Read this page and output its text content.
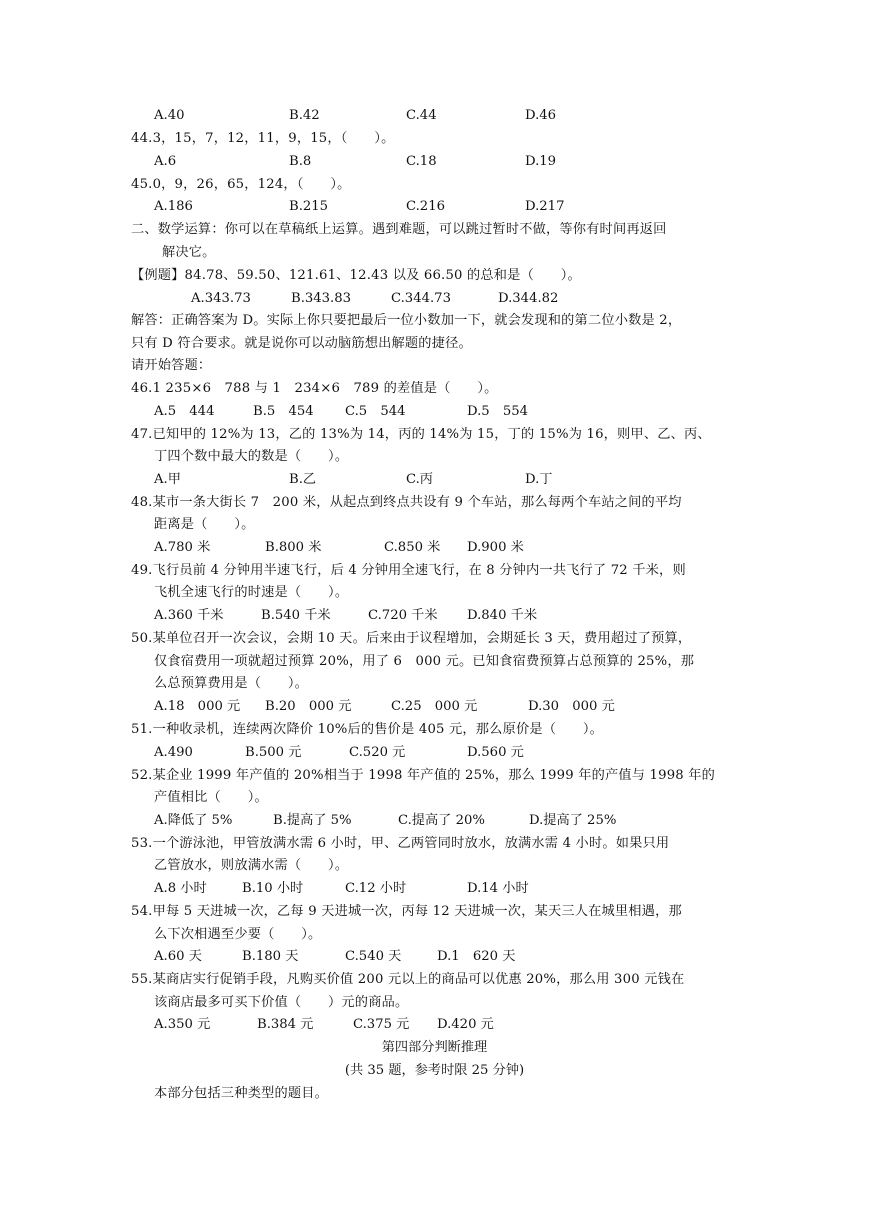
A.40	B.42	C.44	D.46
44.3，15，7，12，11，9，15，（　　）。
A.6	B.8	C.18	D.19
45.0，9，26，65，124，（　　）。
A.186	B.215	C.216	D.217
二、数学运算：你可以在草稿纸上运算。遇到难题，可以跳过暂时不做，等你有时间再返回
解决它。
【例题】84.78、59.50、121.61、12.43 以及 66.50 的总和是（　　）。
A.343.73	B.343.83	C.344.73	D.344.82
解答：正确答案为 D。实际上你只要把最后一位小数加一下，就会发现和的第二位小数是 2，
只有 D 符合要求。就是说你可以动脑筋想出解题的捷径。
请开始答题：
46.1 235×6　788 与 1　234×6　789 的差值是（　　）。
A.5　444	B.5　454 C.5　544	D.5　554
47.已知甲的 12%为 13，乙的 13%为 14，丙的 14%为 15，丁的 15%为 16，则甲、乙、丙、
丁四个数中最大的数是（　　）。
A.甲	B.乙	C.丙	D.丁
48.某市一条大街长 7　200 米，从起点到终点共设有 9 个车站，那么每两个车站之间的平均
距离是（　　）。
A.780 米	B.800 米	C.850 米 D.900 米
49.飞行员前 4 分钟用半速飞行，后 4 分钟用全速飞行，在 8 分钟内一共飞行了 72 千米，则
飞机全速飞行的时速是（　　）。
A.360 千米	B.540 千米	C.720 千米 D.840 千米
50.某单位召开一次会议，会期 10 天。后来由于议程增加，会期延长 3 天，费用超过了预算，
仅食宿费用一项就超过预算 20%，用了 6　000 元。已知食宿费预算占总预算的 25%，那
么总预算费用是（　　）。
A.18　000 元 B.20　000 元	C.25　000 元	D.30　000 元
51.一种收录机，连续两次降价 10%后的售价是 405 元，那么原价是（　　）。
A.490	B.500 元	C.520 元	D.560 元
52.某企业 1999 年产值的 20%相当于 1998 年产值的 25%，那么 1999 年的产值与 1998 年的
产值相比（　　）。
A.降低了 5%	B.提高了 5%	C.提高了 20%	D.提高了 25%
53.一个游泳池，甲管放满水需 6 小时，甲、乙两管同时放水，放满水需 4 小时。如果只用
乙管放水，则放满水需（　　）。
A.8 小时	B.10 小时	C.12 小时	D.14 小时
54.甲每 5 天进城一次，乙每 9 天进城一次，丙每 12 天进城一次，某天三人在城里相遇，那
么下次相遇至少要（　　）。
A.60 天	B.180 天	C.540 天	D.1　620 天
55.某商店实行促销手段，凡购买价值 200 元以上的商品可以优惠 20%，那么用 300 元钱在
该商店最多可买下价值（　　）元的商品。
A.350 元	B.384 元	C.375 元 D.420 元
第四部分判断推理
(共 35 题，参考时限 25 分钟)
本部分包括三种类型的题目。
